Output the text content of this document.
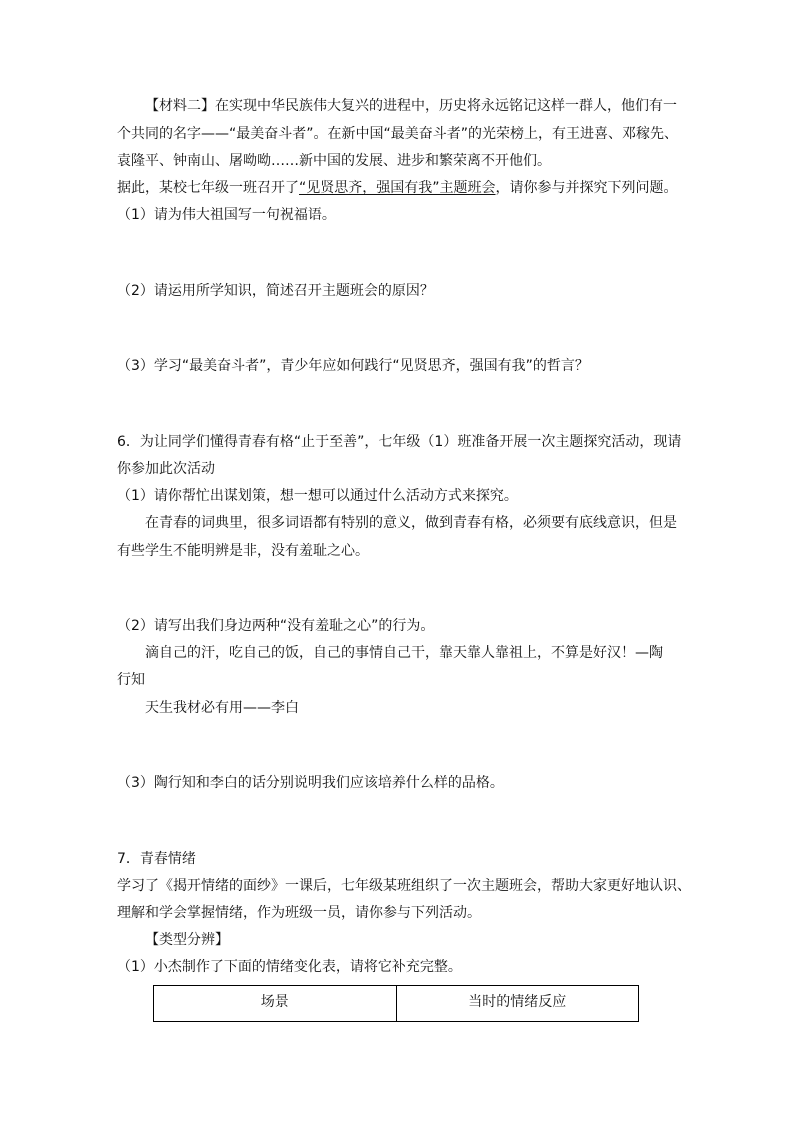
【材料二】在实现中华民族伟大复兴的进程中，历史将永远铭记这样一群人，他们有一
个共同的名字——“最美奋斗者”。在新中国“最美奋斗者”的光荣榜上，有王进喜、邓稼先、
袁隆平、钟南山、屠呦呦……新中国的发展、进步和繁荣离不开他们。
据此，某校七年级一班召开了“见贤思齐，强国有我”主题班会，请你参与并探究下列问题。
（1）请为伟大祖国写一句祝福语。
（2）请运用所学知识，简述召开主题班会的原因？
（3）学习“最美奋斗者”，青少年应如何践行“见贤思齐，强国有我”的哲言？
6．为让同学们懂得青春有格“止于至善”，七年级（1）班准备开展一次主题探究活动，现请
你参加此次活动
（1）请你帮忙出谋划策，想一想可以通过什么活动方式来探究。
在青春的词典里，很多词语都有特别的意义，做到青春有格，必须要有底线意识，但是
有些学生不能明辨是非，没有羞耻之心。
（2）请写出我们身边两种“没有羞耻之心”的行为。
滴自己的汗，吃自己的饭，自己的事情自己干，靠天靠人靠祖上，不算是好汉！—陶
行知
天生我材必有用——李白
（3）陶行知和李白的话分别说明我们应该培养什么样的品格。
7．青春情绪
学习了《揭开情绪的面纱》一课后，七年级某班组织了一次主题班会，帮助大家更好地认识、
理解和学会掌握情绪，作为班级一员，请你参与下列活动。
【类型分辨】
（1）小杰制作了下面的情绪变化表，请将它补充完整。
场景	当时的情绪反应
